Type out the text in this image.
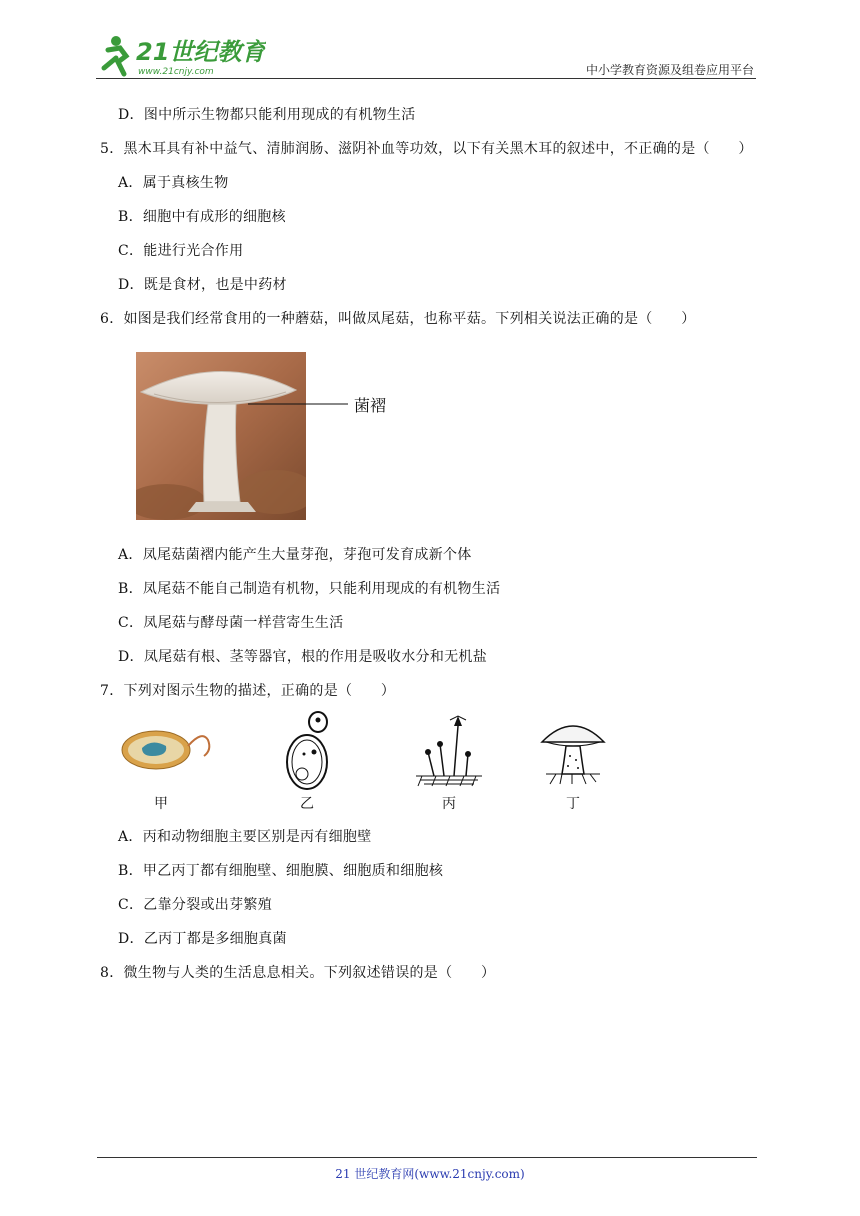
21世纪教育
www.21cnjy.com	中小学教育资源及组卷应用平台
D．图中所示生物都只能利用现成的有机物生活
5．黑木耳具有补中益气、清肺润肠、滋阴补血等功效，以下有关黑木耳的叙述中，不正确的是（　　）
A．属于真核生物
B．细胞中有成形的细胞核
C．能进行光合作用
D．既是食材，也是中药材
6．如图是我们经常食用的一种蘑菇，叫做凤尾菇，也称平菇。下列相关说法正确的是（　　）
菌褶
A．凤尾菇菌褶内能产生大量芽孢，芽孢可发育成新个体
B．凤尾菇不能自己制造有机物，只能利用现成的有机物生活
C．凤尾菇与酵母菌一样营寄生生活
D．凤尾菇有根、茎等器官，根的作用是吸收水分和无机盐
7．下列对图示生物的描述，正确的是（　　）
甲	乙	丙	丁
A．丙和动物细胞主要区别是丙有细胞壁
B．甲乙丙丁都有细胞壁、细胞膜、细胞质和细胞核
C．乙靠分裂或出芽繁殖
D．乙丙丁都是多细胞真菌
8．微生物与人类的生活息息相关。下列叙述错误的是（　　）
21 世纪教育网(www.21cnjy.com)
